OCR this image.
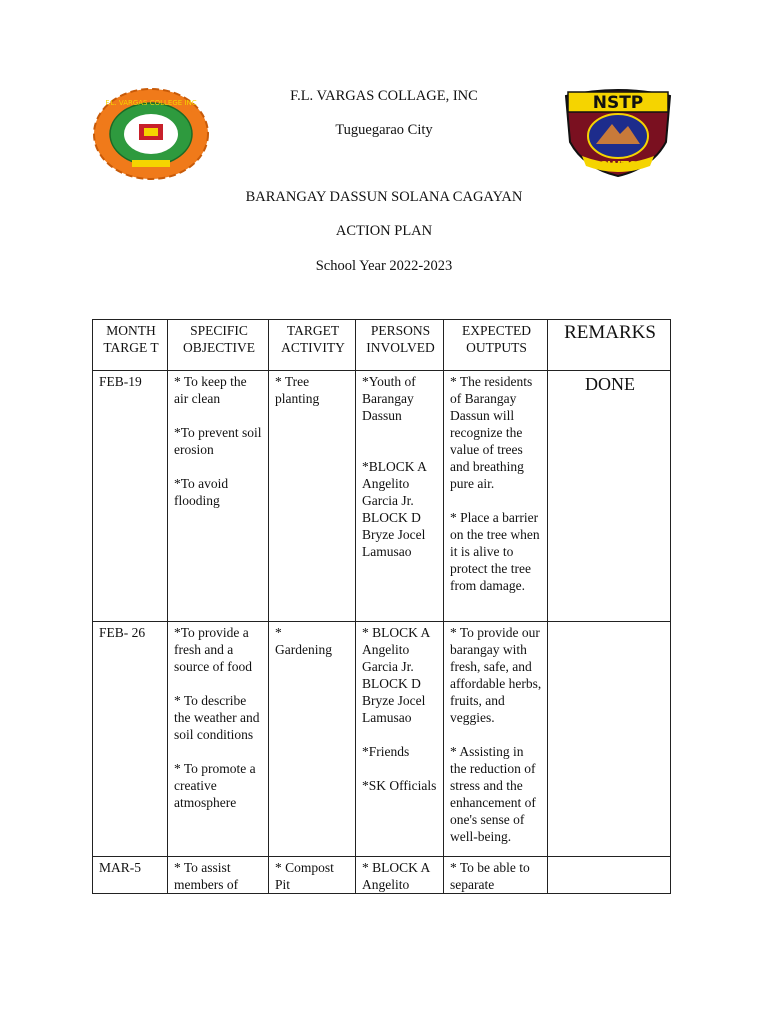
F.L. VARGAS COLLEGE INC	NSTP
CWTS
F.L. VARGAS COLLAGE, INC
Tuguegarao City
BARANGAY DASSUN SOLANA CAGAYAN
ACTION PLAN
School Year 2022-2023
MONTH TARGE T	SPECIFIC OBJECTIVE	TARGET ACTIVITY	PERSONS INVOLVED	EXPECTED OUTPUTS	REMARKS
FEB-19	* To keep the air clean

*To prevent soil erosion

*To avoid flooding	* Tree planting	*Youth of Barangay Dassun

*BLOCK A Angelito Garcia Jr.
BLOCK D Bryze Jocel Lamusao	* The residents of Barangay Dassun will recognize the value of trees and breathing pure air.

* Place a barrier on the tree when it is alive to protect the tree from damage.	DONE
FEB- 26	*To provide a fresh and a source of food

* To describe the weather and soil conditions

* To promote a creative atmosphere	*
Gardening	* BLOCK A Angelito Garcia Jr.
BLOCK D Bryze Jocel Lamusao

*Friends

*SK Officials	* To provide our barangay with fresh, safe, and affordable herbs, fruits, and veggies.

* Assisting in the reduction of stress and the enhancement of one's sense of well-being.	
MAR-5	* To assist members of	* Compost Pit	* BLOCK A Angelito	* To be able to separate	
